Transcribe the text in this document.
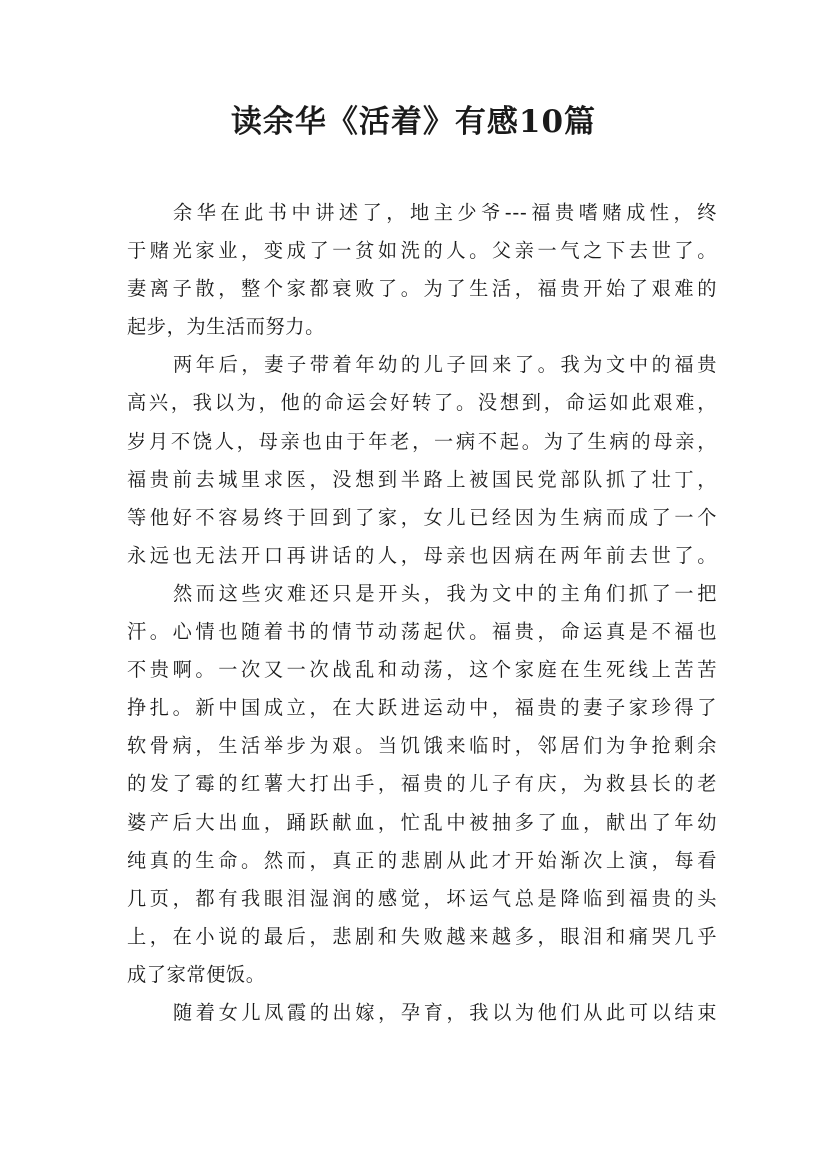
读余华《活着》有感10篇
余华在此书中讲述了，地主少爷---福贵嗜赌成性，终
于赌光家业，变成了一贫如洗的人。父亲一气之下去世了。
妻离子散，整个家都衰败了。为了生活，福贵开始了艰难的
起步，为生活而努力。
两年后，妻子带着年幼的儿子回来了。我为文中的福贵
高兴，我以为，他的命运会好转了。没想到，命运如此艰难，
岁月不饶人，母亲也由于年老，一病不起。为了生病的母亲，
福贵前去城里求医，没想到半路上被国民党部队抓了壮丁，
等他好不容易终于回到了家，女儿已经因为生病而成了一个
永远也无法开口再讲话的人，母亲也因病在两年前去世了。
然而这些灾难还只是开头，我为文中的主角们抓了一把
汗。心情也随着书的情节动荡起伏。福贵，命运真是不福也
不贵啊。一次又一次战乱和动荡，这个家庭在生死线上苦苦
挣扎。新中国成立，在大跃进运动中，福贵的妻子家珍得了
软骨病，生活举步为艰。当饥饿来临时，邻居们为争抢剩余
的发了霉的红薯大打出手，福贵的儿子有庆，为救县长的老
婆产后大出血，踊跃献血，忙乱中被抽多了血，献出了年幼
纯真的生命。然而，真正的悲剧从此才开始渐次上演，每看
几页，都有我眼泪湿润的感觉，坏运气总是降临到福贵的头
上，在小说的最后，悲剧和失败越来越多，眼泪和痛哭几乎
成了家常便饭。
随着女儿凤霞的出嫁，孕育，我以为他们从此可以结束
